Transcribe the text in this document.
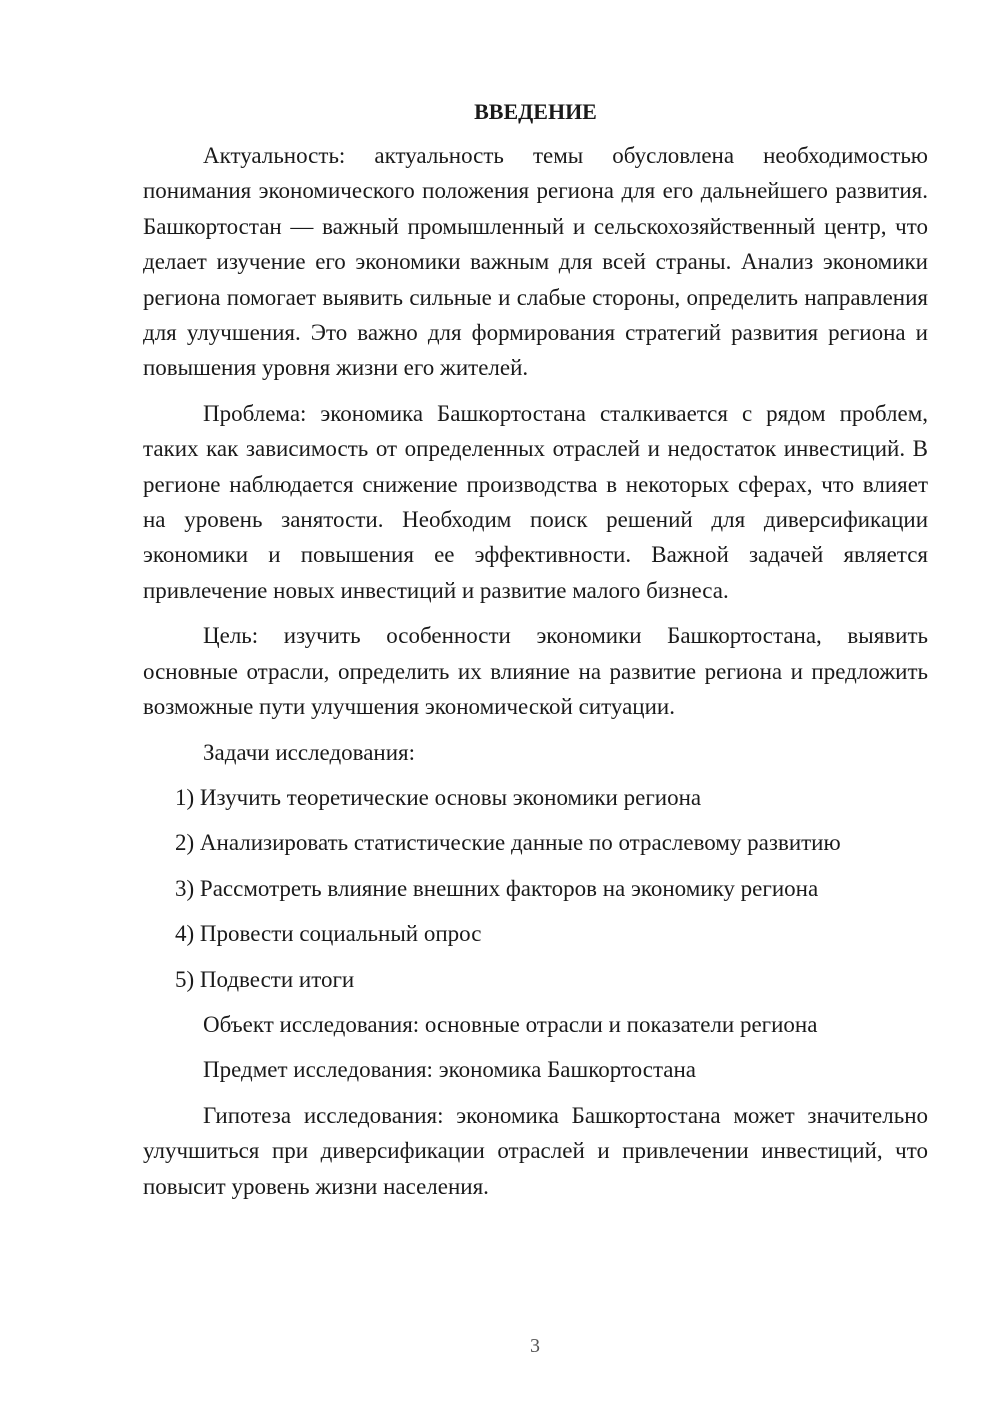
ВВЕДЕНИЕ

Актуальность: актуальность темы обусловлена необходимостью понимания экономического положения региона для его дальнейшего развития. Башкортостан — важный промышленный и сельскохозяйственный центр, что делает изучение его экономики важным для всей страны. Анализ экономики региона помогает выявить сильные и слабые стороны, определить направления для улучшения. Это важно для формирования стратегий развития региона и повышения уровня жизни его жителей.

Проблема: экономика Башкортостана сталкивается с рядом проблем, таких как зависимость от определенных отраслей и недостаток инвестиций. В регионе наблюдается снижение производства в некоторых сферах, что влияет на уровень занятости. Необходим поиск решений для диверсификации экономики и повышения ее эффективности. Важной задачей является привлечение новых инвестиций и развитие малого бизнеса.

Цель: изучить особенности экономики Башкортостана, выявить основные отрасли, определить их влияние на развитие региона и предложить возможные пути улучшения экономической ситуации.

Задачи исследования:
1) Изучить теоретические основы экономики региона
2) Анализировать статистические данные по отраслевому развитию
3) Рассмотреть влияние внешних факторов на экономику региона
4) Провести социальный опрос
5) Подвести итоги
Объект исследования: основные отрасли и показатели региона
Предмет исследования: экономика Башкортостана

Гипотеза исследования: экономика Башкортостана может значительно улучшиться при диверсификации отраслей и привлечении инвестиций, что повысит уровень жизни населения.

3
